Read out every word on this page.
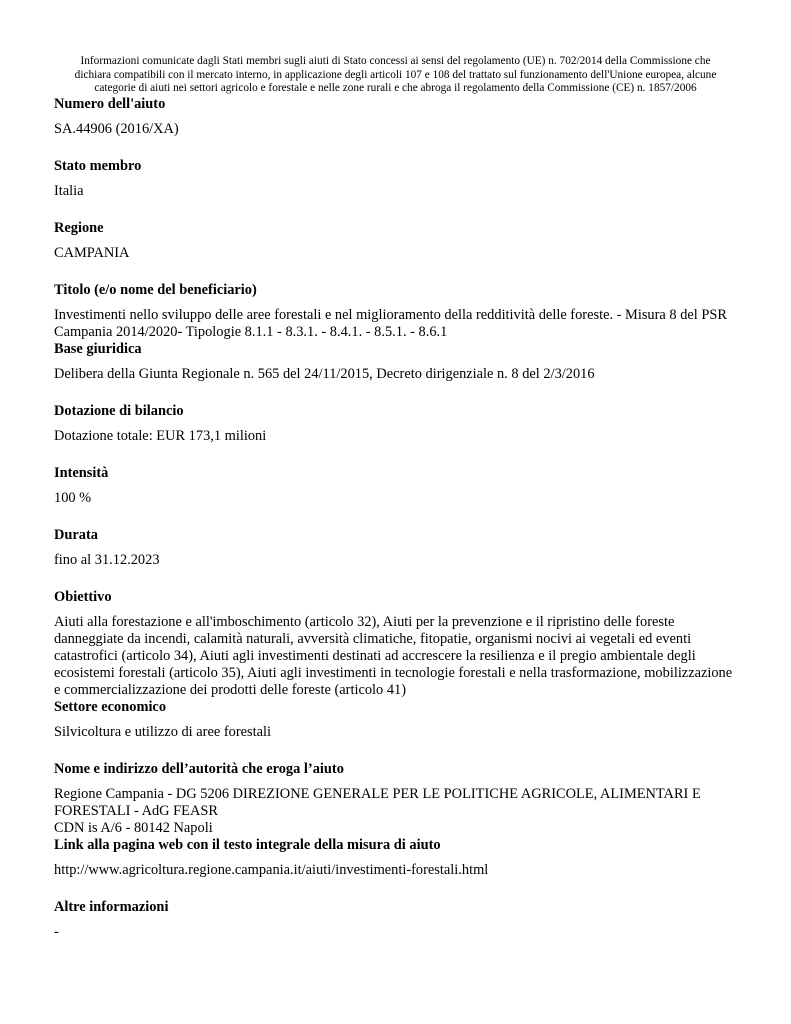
Informazioni comunicate dagli Stati membri sugli aiuti di Stato concessi ai sensi del regolamento (UE) n. 702/2014 della Commissione che
dichiara compatibili con il mercato interno, in applicazione degli articoli 107 e 108 del trattato sul funzionamento dell'Unione europea, alcune
categorie di aiuti nei settori agricolo e forestale e nelle zone rurali e che abroga il regolamento della Commissione (CE) n. 1857/2006

Numero dell'aiuto

SA.44906 (2016/XA)

Stato membro

Italia

Regione

CAMPANIA

Titolo (e/o nome del beneficiario)

Investimenti nello sviluppo delle aree forestali e nel miglioramento della redditività delle foreste. - Misura 8 del PSR
Campania 2014/2020- Tipologie 8.1.1 - 8.3.1. - 8.4.1. - 8.5.1. - 8.6.1

Base giuridica

Delibera della Giunta Regionale n. 565 del 24/11/2015, Decreto dirigenziale n. 8 del 2/3/2016

Dotazione di bilancio

Dotazione totale: EUR 173,1 milioni

Intensità

100 %

Durata

fino al 31.12.2023

Obiettivo

Aiuti alla forestazione e all'imboschimento (articolo 32), Aiuti per la prevenzione e il ripristino delle foreste
danneggiate da incendi, calamità naturali, avversità climatiche, fitopatie, organismi nocivi ai vegetali ed eventi
catastrofici (articolo 34), Aiuti agli investimenti destinati ad accrescere la resilienza e il pregio ambientale degli
ecosistemi forestali (articolo 35), Aiuti agli investimenti in tecnologie forestali e nella trasformazione, mobilizzazione
e commercializzazione dei prodotti delle foreste (articolo 41)

Settore economico

Silvicoltura e utilizzo di aree forestali

Nome e indirizzo dell’autorità che eroga l’aiuto

Regione Campania - DG 5206 DIREZIONE GENERALE PER LE POLITICHE AGRICOLE, ALIMENTARI E
FORESTALI - AdG FEASR
CDN is A/6 - 80142 Napoli

Link alla pagina web con il testo integrale della misura di aiuto

http://www.agricoltura.regione.campania.it/aiuti/investimenti-forestali.html

Altre informazioni

-
